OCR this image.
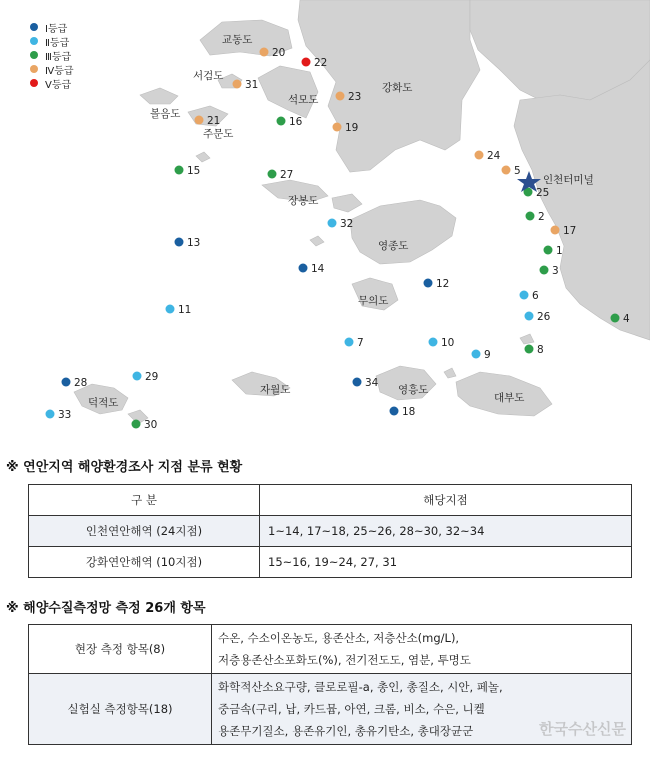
1
2
3
4
5
6
7
8
9
10
11
12
13
14
15
16
17
18
19
20
21
22
23
24
25
26
27
28	29
30
31
32
33
34
Ⅰ등급
Ⅱ등급
Ⅲ등급
Ⅳ등급
Ⅴ등급
교동도
서검도
볼음도
주문도
석모도
강화도
장봉도
영종도
무의도
자월도	영흥도
대부도
덕적도
인천터미널
※ 연안지역 해양환경조사 지점 분류 현황
구 분	해당지점
인천연안해역 (24지점)	1~14, 17~18, 25~26, 28~30, 32~34
강화연안해역 (10지점)	15~16, 19~24, 27, 31
※ 해양수질측정망 측정 26개 항목
현장 측정 항목(8)	수온, 수소이온농도, 용존산소, 저층산소(mg/L),
저층용존산소포화도(%), 전기전도도, 염분, 투명도

실험실 측정항목(18)	화학적산소요구량, 클로로필-a, 총인, 총질소, 시안, 페놀,
중금속(구리, 납, 카드뮴, 아연, 크롬, 비소, 수은, 니켈
용존무기질소, 용존유기인, 총유기탄소, 총대장균군	한국수산신문
